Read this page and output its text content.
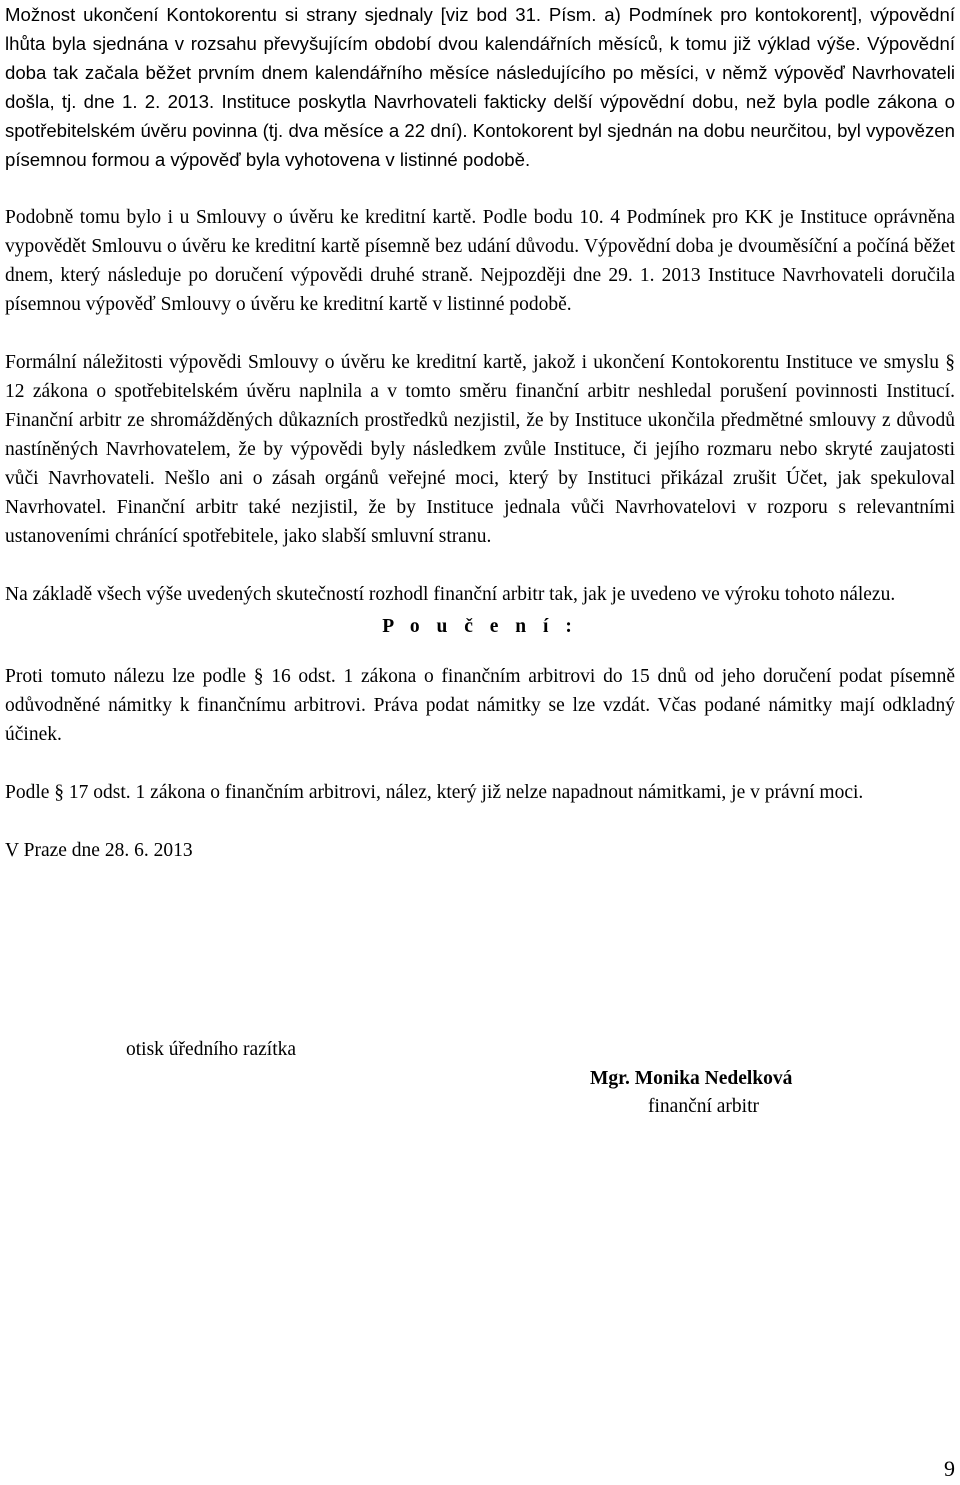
Možnost ukončení Kontokorentu si strany sjednaly [viz bod 31. Písm. a) Podmínek pro kontokorent], výpovědní lhůta byla sjednána v rozsahu převyšujícím období dvou kalendářních měsíců, k tomu již výklad výše. Výpovědní doba tak začala běžet prvním dnem kalendářního měsíce následujícího po měsíci, v němž výpověď Navrhovateli došla, tj. dne 1. 2. 2013. Instituce poskytla Navrhovateli fakticky delší výpovědní dobu, než byla podle zákona o spotřebitelském úvěru povinna (tj. dva měsíce a 22 dní). Kontokorent byl sjednán na dobu neurčitou, byl vypovězen písemnou formou a výpověď byla vyhotovena v listinné podobě.

Podobně tomu bylo i u Smlouvy o úvěru ke kreditní kartě. Podle bodu 10. 4 Podmínek pro KK je Instituce oprávněna vypovědět Smlouvu o úvěru ke kreditní kartě písemně bez udání důvodu. Výpovědní doba je dvouměsíční a počíná běžet dnem, který následuje po doručení výpovědi druhé straně. Nejpozději dne 29. 1. 2013 Instituce Navrhovateli doručila písemnou výpověď Smlouvy o úvěru ke kreditní kartě v listinné podobě.

Formální náležitosti výpovědi Smlouvy o úvěru ke kreditní kartě, jakož i ukončení Kontokorentu Instituce ve smyslu § 12 zákona o spotřebitelském úvěru naplnila a v tomto směru finanční arbitr neshledal porušení povinnosti Institucí. Finanční arbitr ze shromážděných důkazních prostředků nezjistil, že by Instituce ukončila předmětné smlouvy z důvodů nastíněných Navrhovatelem, že by výpovědi byly následkem zvůle Instituce, či jejího rozmaru nebo skryté zaujatosti vůči Navrhovateli. Nešlo ani o zásah orgánů veřejné moci, který by Instituci přikázal zrušit Účet, jak spekuloval Navrhovatel. Finanční arbitr také nezjistil, že by Instituce jednala vůči Navrhovatelovi v rozporu s relevantními ustanoveními chránící spotřebitele, jako slabší smluvní stranu.

Na základě všech výše uvedených skutečností rozhodl finanční arbitr tak, jak je uvedeno ve výroku tohoto nálezu.

P o u č e n í :

Proti tomuto nálezu lze podle § 16 odst. 1 zákona o finančním arbitrovi do 15 dnů od jeho doručení podat písemně odůvodněné námitky k finančnímu arbitrovi. Práva podat námitky se lze vzdát. Včas podané námitky mají odkladný účinek.

Podle § 17 odst. 1 zákona o finančním arbitrovi, nález, který již nelze napadnout námitkami, je v právní moci.

V Praze dne 28. 6. 2013

otisk úředního razítka
Mgr. Monika Nedelková
finanční arbitr
9
